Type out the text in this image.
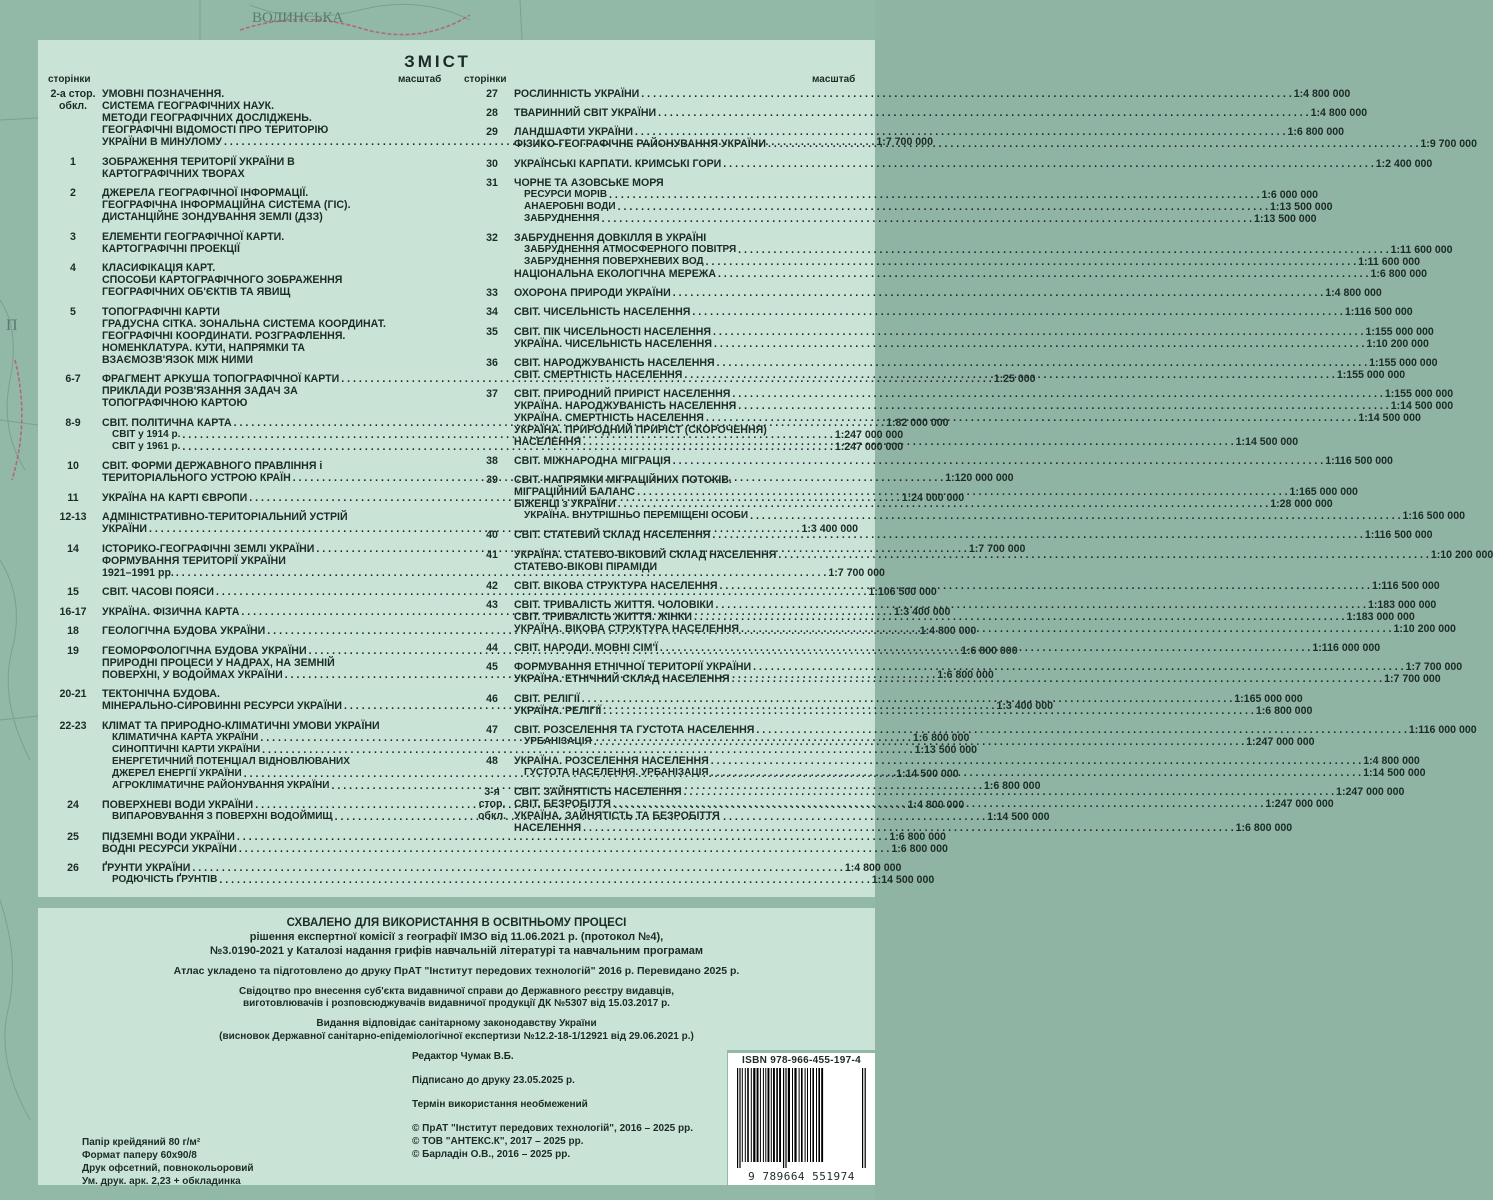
ВОЛИНСЬКА
П
ЗМІСТ
сторінки	масштаб сторінки	масштаб
2-а стор.
обкл.
УМОВНІ ПОЗНАЧЕННЯ.
СИСТЕМА ГЕОГРАФІЧНИХ НАУК.
МЕТОДИ ГЕОГРАФІЧНИХ ДОСЛІДЖЕНЬ.
ГЕОГРАФІЧНІ ВІДОМОСТІ ПРО ТЕРИТОРІЮ
УКРАЇНИ В МИНУЛОМУ . . .	1:7 700 000
1	ЗОБРАЖЕННЯ ТЕРИТОРІЇ УКРАЇНИ В
КАРТОГРАФІЧНИХ ТВОРАХ
2	ДЖЕРЕЛА ГЕОГРАФІЧНОЇ ІНФОРМАЦІЇ.
ГЕОГРАФІЧНА ІНФОРМАЦІЙНА СИСТЕМА (ГІС).
ДИСТАНЦІЙНЕ ЗОНДУВАННЯ ЗЕМЛІ (ДЗЗ)
3	ЕЛЕМЕНТИ ГЕОГРАФІЧНОЇ КАРТИ.
КАРТОГРАФІЧНІ ПРОЕКЦІЇ
4	КЛАСИФІКАЦІЯ КАРТ.
СПОСОБИ КАРТОГРАФІЧНОГО ЗОБРАЖЕННЯ
ГЕОГРАФІЧНИХ ОБ'ЄКТІВ ТА ЯВИЩ
5	ТОПОГРАФІЧНІ КАРТИ
ГРАДУСНА СІТКА. ЗОНАЛЬНА СИСТЕМА КООРДИНАТ.
ГЕОГРАФІЧНІ КООРДИНАТИ. РОЗГРАФЛЕННЯ.
НОМЕНКЛАТУРА. КУТИ, НАПРЯМКИ ТА
ВЗАЄМОЗВ'ЯЗОК МІЖ НИМИ
6-7	ФРАГМЕНТ АРКУША ТОПОГРАФІЧНОЇ КАРТИ . . .	1:25 000
ПРИКЛАДИ РОЗВ'ЯЗАННЯ ЗАДАЧ ЗА
ТОПОГРАФІЧНОЮ КАРТОЮ
8-9	СВІТ. ПОЛІТИЧНА КАРТА . . .	1:82 000 000
СВІТ у 1914 р. . . .	1:247 000 000
СВІТ у 1961 р. . . .	1:247 000 000
10	СВІТ. ФОРМИ ДЕРЖАВНОГО ПРАВЛІННЯ і
ТЕРИТОРІАЛЬНОГО УСТРОЮ КРАЇН . . .	1:120 000 000
11	УКРАЇНА НА КАРТІ ЄВРОПИ . . .	1:24 000 000
12-13	АДМІНІСТРАТИВНО-ТЕРИТОРІАЛЬНИЙ УСТРІЙ
УКРАЇНИ . . .	1:3 400 000
14	ІСТОРИКО-ГЕОГРАФІЧНІ ЗЕМЛІ УКРАЇНИ . . .	1:7 700 000
ФОРМУВАННЯ ТЕРИТОРІЇ УКРАЇНИ
1921–1991 рр. . . .	1:7 700 000
15	СВІТ. ЧАСОВІ ПОЯСИ . . .	1:106 500 000
16-17	УКРАЇНА. ФІЗИЧНА КАРТА . . .	1:3 400 000
18	ГЕОЛОГІЧНА БУДОВА УКРАЇНИ . . .	1:4 800 000
19	ГЕОМОРФОЛОГІЧНА БУДОВА УКРАЇНИ . . .	1:6 800 000
ПРИРОДНІ ПРОЦЕСИ У НАДРАХ, НА ЗЕМНІЙ
ПОВЕРХНІ, У ВОДОЙМАХ УКРАЇНИ . . .	1:6 800 000
20-21	ТЕКТОНІЧНА БУДОВА.
МІНЕРАЛЬНО-СИРОВИННІ РЕСУРСИ УКРАЇНИ . . .	1:3 400 000
22-23	КЛІМАТ ТА ПРИРОДНО-КЛІМАТИЧНІ УМОВИ УКРАЇНИ
КЛІМАТИЧНА КАРТА УКРАЇНИ . . .	1:6 800 000
СИНОПТИЧНІ КАРТИ УКРАЇНИ . . .	1:13 500 000
ЕНЕРГЕТИЧНИЙ ПОТЕНЦІАЛ ВІДНОВЛЮВАНИХ
ДЖЕРЕЛ ЕНЕРГІЇ УКРАЇНИ . . .	1:14 500 000
АГРОКЛІМАТИЧНЕ РАЙОНУВАННЯ УКРАЇНИ . . .	1:6 800 000
24	ПОВЕРХНЕВІ ВОДИ УКРАЇНИ . . .	1:4 800 000
ВИПАРОВУВАННЯ З ПОВЕРХНІ ВОДОЙМИЩ . . .	1:14 500 000
25	ПІДЗЕМНІ ВОДИ УКРАЇНИ . . .	1:6 800 000
ВОДНІ РЕСУРСИ УКРАЇНИ . . .	1:6 800 000
26	ҐРУНТИ УКРАЇНИ . . .	1:4 800 000
РОДЮЧІСТЬ ҐРУНТІВ . . .	1:14 500 000
27	РОСЛИННІСТЬ УКРАЇНИ . . .	1:4 800 000
28	ТВАРИННИЙ СВІТ УКРАЇНИ . . .	1:4 800 000
29	ЛАНДШАФТИ УКРАЇНИ . . .	1:6 800 000
ФІЗИКО-ГЕОГРАФІЧНЕ РАЙОНУВАННЯ УКРАЇНИ . . .	1:9 700 000
30	УКРАЇНСЬКІ КАРПАТИ. КРИМСЬКІ ГОРИ . . .	1:2 400 000
31	ЧОРНЕ ТА АЗОВСЬКЕ МОРЯ
РЕСУРСИ МОРІВ . . .	1:6 000 000
АНАЕРОБНІ ВОДИ . . .	1:13 500 000
ЗАБРУДНЕННЯ . . .	1:13 500 000
32	ЗАБРУДНЕННЯ ДОВКІЛЛЯ В УКРАЇНІ
ЗАБРУДНЕННЯ АТМОСФЕРНОГО ПОВІТРЯ . . .	1:11 600 000
ЗАБРУДНЕННЯ ПОВЕРХНЕВИХ ВОД . . .	1:11 600 000
НАЦІОНАЛЬНА ЕКОЛОГІЧНА МЕРЕЖА . . .	1:6 800 000
33	ОХОРОНА ПРИРОДИ УКРАЇНИ . . .	1:4 800 000
34	СВІТ. ЧИСЕЛЬНІСТЬ НАСЕЛЕННЯ . . .	1:116 500 000
35	СВІТ. ПІК ЧИСЕЛЬНОСТІ НАСЕЛЕННЯ . . .	1:155 000 000
УКРАЇНА. ЧИСЕЛЬНІСТЬ НАСЕЛЕННЯ . . .	1:10 200 000
36	СВІТ. НАРОДЖУВАНІСТЬ НАСЕЛЕННЯ . . .	1:155 000 000
СВІТ. СМЕРТНІСТЬ НАСЕЛЕННЯ . . .	1:155 000 000
37	СВІТ. ПРИРОДНИЙ ПРИРІСТ НАСЕЛЕННЯ . . .	1:155 000 000
УКРАЇНА. НАРОДЖУВАНІСТЬ НАСЕЛЕННЯ . . .	1:14 500 000
УКРАЇНА. СМЕРТНІСТЬ НАСЕЛЕННЯ . . .	1:14 500 000
УКРАЇНА. ПРИРОДНИЙ ПРИРІСТ (СКОРОЧЕННЯ)
НАСЕЛЕННЯ . . .	1:14 500 000
38	СВІТ. МІЖНАРОДНА МІГРАЦІЯ . . .	1:116 500 000
39	СВІТ. НАПРЯМКИ МІГРАЦІЙНИХ ПОТОКІВ.
МІГРАЦІЙНИЙ БАЛАНС . . .	1:165 000 000
БІЖЕНЦІ з УКРАЇНИ . . .	1:28 000 000
УКРАЇНА. ВНУТРІШНЬО ПЕРЕМІЩЕНІ ОСОБИ . . .	1:16 500 000
40	СВІТ. СТАТЕВИЙ СКЛАД НАСЕЛЕННЯ . . .	1:116 500 000
41	УКРАЇНА. СТАТЕВО-ВІКОВИЙ СКЛАД НАСЕЛЕННЯ . . .	1:10 200 000
СТАТЕВО-ВІКОВІ ПІРАМІДИ
42	СВІТ. ВІКОВА СТРУКТУРА НАСЕЛЕННЯ . . .	1:116 500 000
43	СВІТ. ТРИВАЛІСТЬ ЖИТТЯ. ЧОЛОВІКИ . . .	1:183 000 000
СВІТ. ТРИВАЛІСТЬ ЖИТТЯ. ЖІНКИ . . .	1:183 000 000
УКРАЇНА. ВІКОВА СТРУКТУРА НАСЕЛЕННЯ . . .	1:10 200 000
44	СВІТ. НАРОДИ. МОВНІ СІМ'Ї . . .	1:116 000 000
45	ФОРМУВАННЯ ЕТНІЧНОЇ ТЕРИТОРІЇ УКРАЇНИ . . .	1:7 700 000
УКРАЇНА. ЕТНІЧНИЙ СКЛАД НАСЕЛЕННЯ . . .	1:7 700 000
46	СВІТ. РЕЛІГІЇ . . .	1:165 000 000
УКРАЇНА. РЕЛІГІЇ . . .	1:6 800 000
47	СВІТ. РОЗСЕЛЕННЯ ТА ГУСТОТА НАСЕЛЕННЯ . . .	1:116 000 000
УРБАНІЗАЦІЯ . . .	1:247 000 000
48	УКРАЇНА. РОЗСЕЛЕННЯ НАСЕЛЕННЯ . . .	1:4 800 000
ГУСТОТА НАСЕЛЕННЯ. УРБАНІЗАЦІЯ . . .	1:14 500 000
3-я стор.
обкл.
СВІТ. ЗАЙНЯТІСТЬ НАСЕЛЕННЯ . . .	1:247 000 000
СВІТ. БЕЗРОБІТТЯ . . .	1:247 000 000
УКРАЇНА. ЗАЙНЯТІСТЬ ТА БЕЗРОБІТТЯ
НАСЕЛЕННЯ . . .	1:6 800 000
СХВАЛЕНО ДЛЯ ВИКОРИСТАННЯ В ОСВІТНЬОМУ ПРОЦЕСІ
рішення експертної комісії з географії ІМЗО від 11.06.2021 р. (протокол №4),
№3.0190-2021 у Каталозі надання грифів навчальній літературі та навчальним програмам
Атлас укладено та підготовлено до друку ПрАТ "Інститут передових технологій" 2016 р. Перевидано 2025 р.
Свідоцтво про внесення суб'єкта видавничої справи до Державного реєстру видавців,
виготовлювачів і розповсюджувачів видавничої продукції ДК №5307 від 15.03.2017 р.
Видання відповідає санітарному законодавству України
(висновок Державної санітарно-епідеміологічної експертизи №12.2-18-1/12921 від 29.06.2021 р.)
Папір крейдяний 80 г/м²
Формат паперу 60х90/8
Друк офсетний, повнокольоровий
Ум. друк. арк. 2,23 + обкладинка
Редактор Чумак В.Б.
Підписано до друку 23.05.2025 р.
Термін використання необмежений
© ПрАТ "Інститут передових технологій", 2016 – 2025 рр.
© ТОВ "АНТЕКС.К", 2017 – 2025 рр.
© Барладін О.В., 2016 – 2025 рр.
ISBN 978-966-455-197-4
9 789664 551974
